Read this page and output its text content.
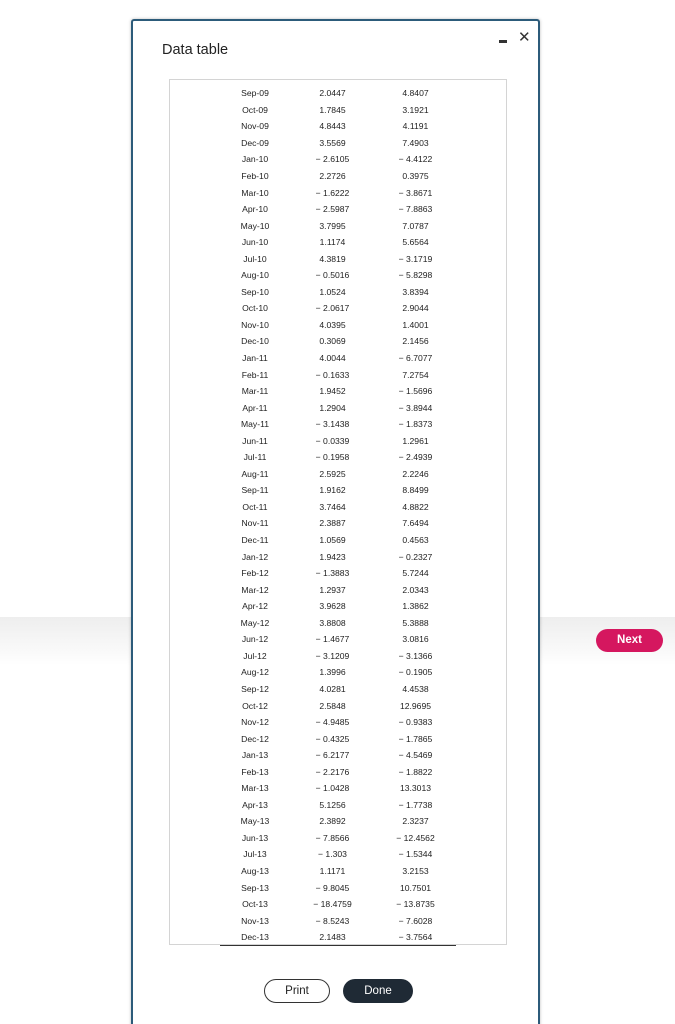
Next
Data table
✕
Sep-09	2.0447	4.8407
Oct-09	1.7845	3.1921
Nov-09	4.8443	4.1191
Dec-09	3.5569	7.4903
Jan-10	− 2.6105	− 4.4122
Feb-10	2.2726	0.3975
Mar-10	− 1.6222	− 3.8671
Apr-10	− 2.5987	− 7.8863
May-10	3.7995	7.0787
Jun-10	1.1174	5.6564
Jul-10	4.3819	− 3.1719
Aug-10	− 0.5016	− 5.8298
Sep-10	1.0524	3.8394
Oct-10	− 2.0617	2.9044
Nov-10	4.0395	1.4001
Dec-10	0.3069	2.1456
Jan-11	4.0044	− 6.7077
Feb-11	− 0.1633	7.2754
Mar-11	1.9452	− 1.5696
Apr-11	1.2904	− 3.8944
May-11	− 3.1438	− 1.8373
Jun-11	− 0.0339	1.2961
Jul-11	− 0.1958	− 2.4939
Aug-11	2.5925	2.2246
Sep-11	1.9162	8.8499
Oct-11	3.7464	4.8822
Nov-11	2.3887	7.6494
Dec-11	1.0569	0.4563
Jan-12	1.9423	− 0.2327
Feb-12	− 1.3883	5.7244
Mar-12	1.2937	2.0343
Apr-12	3.9628	1.3862
May-12	3.8808	5.3888
Jun-12	− 1.4677	3.0816
Jul-12	− 3.1209	− 3.1366
Aug-12	1.3996	− 0.1905
Sep-12	4.0281	4.4538
Oct-12	2.5848	12.9695
Nov-12	− 4.9485	− 0.9383
Dec-12	− 0.4325	− 1.7865
Jan-13	− 6.2177	− 4.5469
Feb-13	− 2.2176	− 1.8822
Mar-13	− 1.0428	13.3013
Apr-13	5.1256	− 1.7738
May-13	2.3892	2.3237
Jun-13	− 7.8566	− 12.4562
Jul-13	− 1.303	− 1.5344
Aug-13	1.1171	3.2153
Sep-13	− 9.8045	10.7501
Oct-13	− 18.4759	− 13.8735
Nov-13	− 8.5243	− 7.6028
Dec-13	2.1483	− 3.7564
Print	Done
